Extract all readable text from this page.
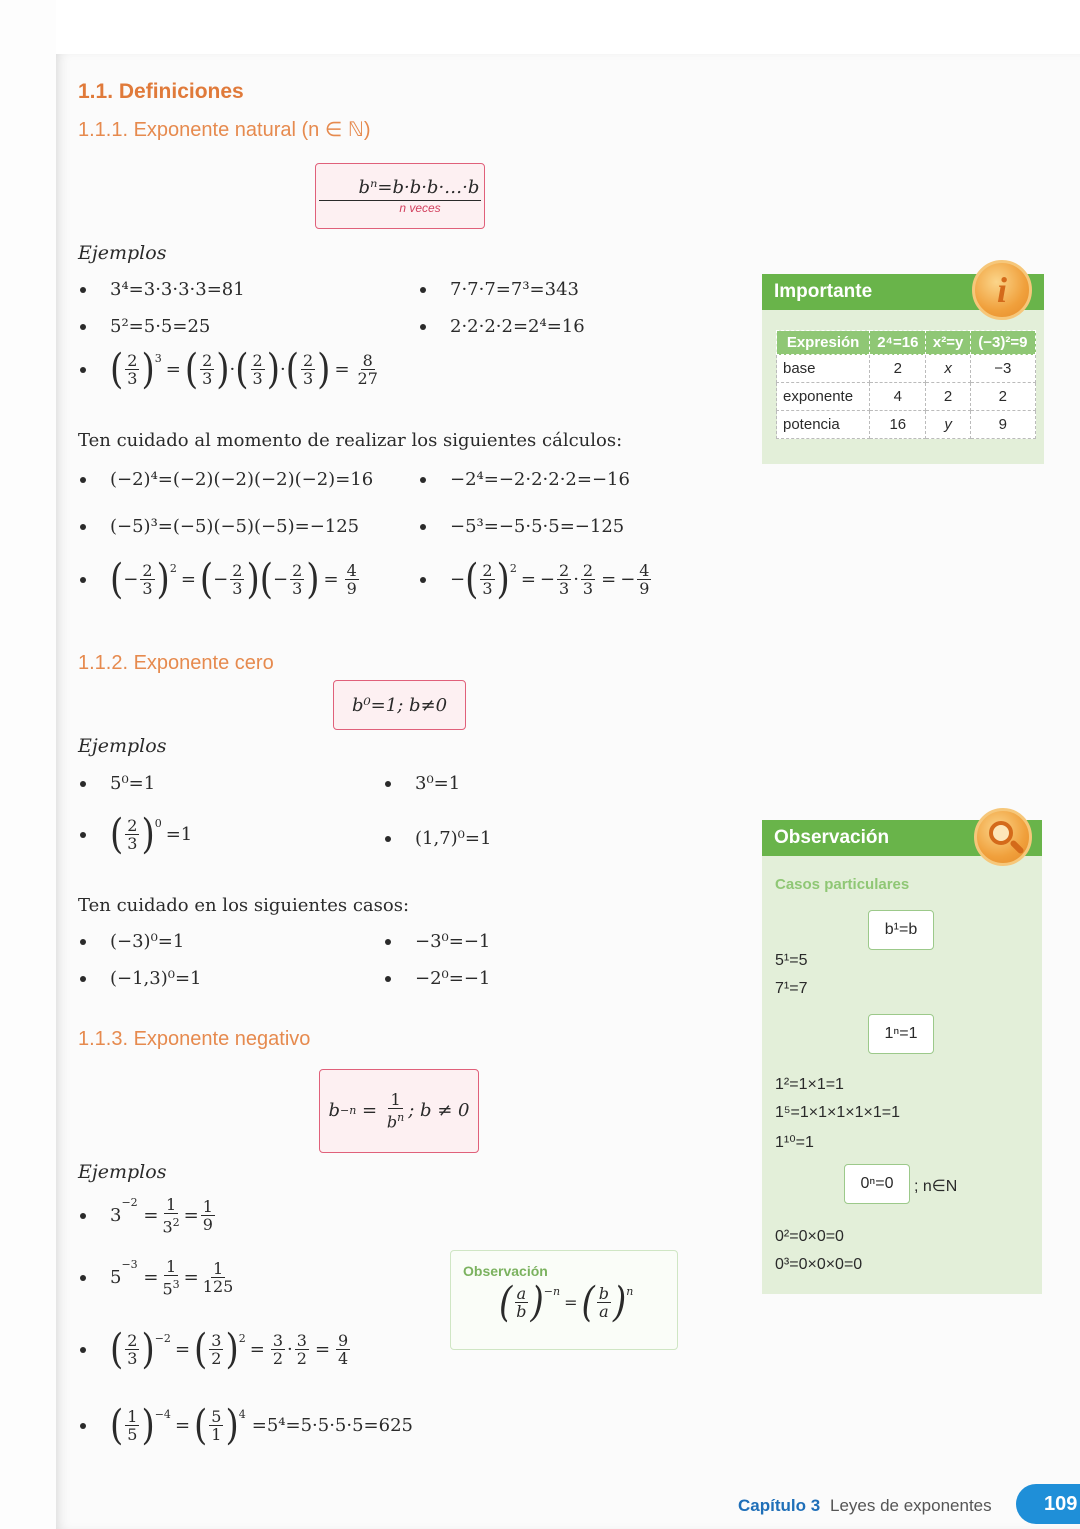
1.1. Definiciones
1.1.1. Exponente natural (n ∈ ℕ)
bⁿ=b·b·b·…·b
n veces
Ejemplos
3⁴=3·3·3·3=81	7·7·7=7³=343
5²=5·5=25	2·2·2·2=2⁴=16
( $\frac{2}{3} )^3$
= ( $\frac{2}{3}$ ) · ( $\frac{2}{3}$ ) · ( $\frac{2}{3}$ ) = $\frac{8}{27}$
Ten cuidado al momento de realizar los siguientes cálculos:
(−2)⁴=(−2)(−2)(−2)(−2)=16	−2⁴=−2·2·2·2=−16
(−5)³=(−5)(−5)(−5)=−125	−5³=−5·5·5=−125
( − $\frac{2}{3} )^2$
= ( − $\frac{2}{3}$ ) ( − $\frac{2}{3}$ ) = $\frac{4}{9}$	− ( $\frac{2}{3} )^2$
= − $\frac{2}{3} \cdot \frac{2}{3}$ = − $\frac{4}{9}$
1.1.2. Exponente cero
b⁰=1; b≠0
Ejemplos
5⁰=1	3⁰=1
( $\frac{2}{3} )^0$
=1	(1,7)⁰=1
Ten cuidado en los siguientes casos:
(−3)⁰=1	−3⁰=−1
(−1,3)⁰=1	−2⁰=−1
1.1.3. Exponente negativo
$b -n = \frac{1}{b^n}$ ; b ≠ 0
Ejemplos
3
−2
= $\frac{1}{3^2} = \frac{1}{9}$
5
−3
= $\frac{1}{5^3} = \frac{1}{125}$
( $\frac{2}{3} )^{-2}$
= ( $\frac{3}{2} )^2$
= $\frac{3}{2} \cdot \frac{3}{2} = \frac{9}{4}$
( $\frac{1}{5} )^{-4}$
= ( $\frac{5}{1} )^4$
=5⁴=5·5·5·5=625
Observación
( $\frac{a}{b} )^{-n}$
= ( $\frac{b}{a} )^n$
Importante	i
Expresión	2⁴=16	x²=y	(−3)²=9
base	2	x	−3
exponente	4	2	2
potencia	16	y	9
Observación
Casos particulares
b¹=b
5¹=5
7¹=7
1ⁿ=1
1²=1×1=1
1⁵=1×1×1×1×1=1
1¹⁰=1
0ⁿ=0	; n∈N
0²=0×0=0
0³=0×0×0=0
Capítulo 3 Leyes de exponentes	109
